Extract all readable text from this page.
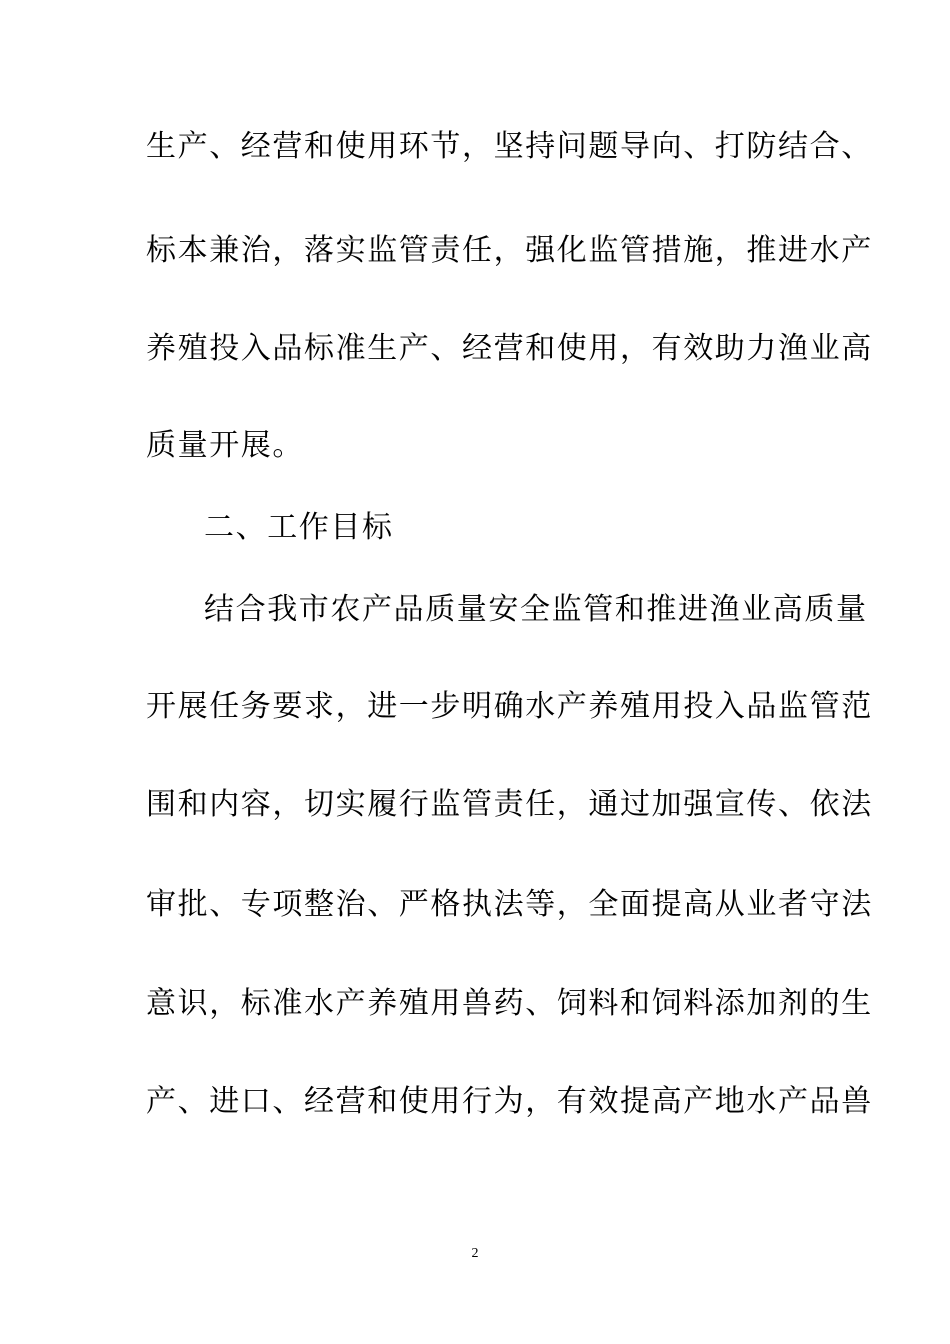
生产、经营和使用环节，坚持问题导向、打防结合、
标本兼治，落实监管责任，强化监管措施，推进水产
养殖投入品标准生产、经营和使用，有效助力渔业高
质量开展。
二、工作目标
结合我市农产品质量安全监管和推进渔业高质量
开展任务要求，进一步明确水产养殖用投入品监管范
围和内容，切实履行监管责任，通过加强宣传、依法
审批、专项整治、严格执法等，全面提高从业者守法
意识，标准水产养殖用兽药、饲料和饲料添加剂的生
产、进口、经营和使用行为，有效提高产地水产品兽
2
